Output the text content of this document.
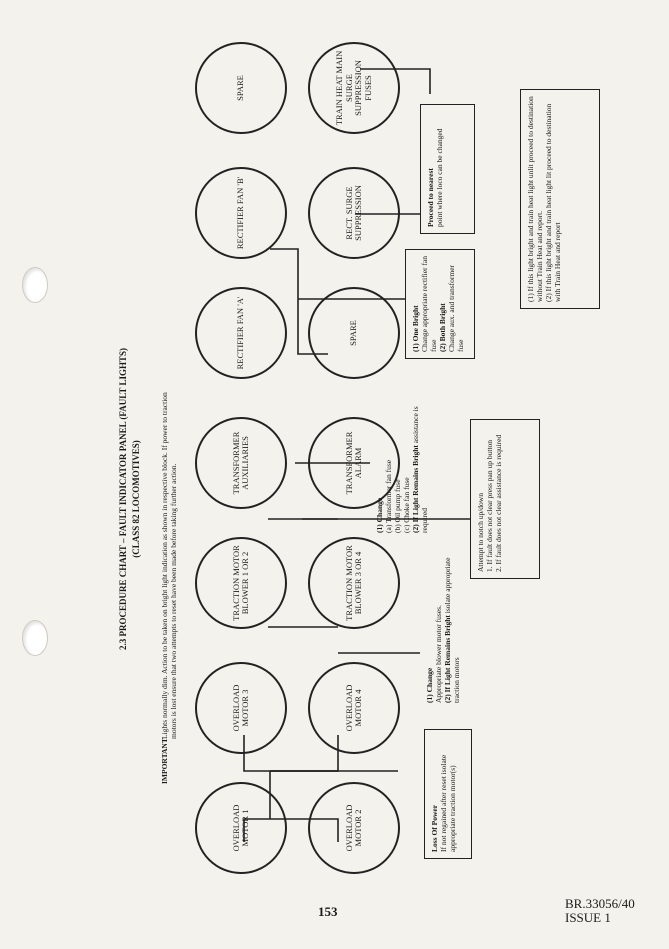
2.3 PROCEDURE CHART – FAULT INDICATOR PANEL (FAULT LIGHTS) (CLASS 82 LOCOMOTIVES)
IMPORTANT
Lights normally dim. Action to be taken on bright light indication as shown in respective block. If power to traction motors is lost ensure that two attempts to reset have been made before taking further action.
OVERLOAD MOTOR 1	OVERLOAD MOTOR 2
OVERLOAD MOTOR 3	OVERLOAD MOTOR 4
TRACTION MOTOR BLOWER 1 OR 2	TRACTION MOTOR BLOWER 3 OR 4
TRANSFORMER AUXILIARIES	TRANSFORMER ALARM
RECTIFIER FAN 'A'	SPARE
RECTIFIER FAN 'B'	RECT. SURGE SUPPRESSION
SPARE	TRAIN HEAT MAIN SURGE SUPPRESSION FUSES
Loss Of Power
If not regained after reset isolate appropriate traction motor(s)
(1) Change
Appropriate blower motor fuses.
(2) If Light Remains Bright isolate appropriate traction motors
(1) Change
(a) Transformer fan fuse
(b) Oil pump fuse
(c) Choke fan fuse
(2) If Light Remains Bright assistance is required	Attempt to notch up/down
1. If fault does not clear press pan up button
2. If fault does not clear assistance is required
(1) One Bright
Change appropriate rectifier fan fuse
(2) Both Bright
Change aux. and transformer fuse
Proceed to nearest
point where loco can be changed	(1) If this light bright and train heat light unlit proceed to destination without Train Heat and report.
(2) If this light bright and train heat light lit proceed to destination with Train Heat and report
153
BR.33056/40
ISSUE 1
